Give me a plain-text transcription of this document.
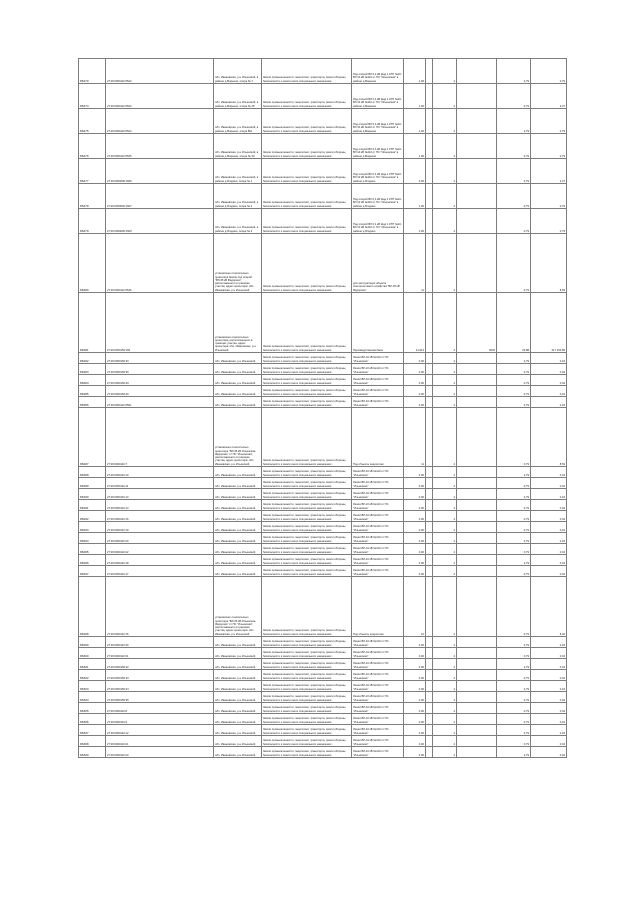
86270	27:06:0000110:6522	обл. Ивановская, р-н Ильинский, в районе д.Марьино, опора № 7	Земли промышленности, энергетики, транспорта, земли обороны, безопасности и земли иного специального назначения	Под опорой ВЛ 0,4 кВ фид.1 КТП №10-ВЛ 10 кВ №110 от ПС "Ильинская" в районе д.Марьино	1,00		4		0,79	0,79
86274	27:06:0000110:6523	обл. Ивановская, р-н Ильинский, в районе д.Марьино, опора № 25	Земли промышленности, энергетики, транспорта, земли обороны, безопасности и земли иного специального назначения	Под опорой ВЛ 0,4 кВ фид.1 КТП №10-ВЛ 10 кВ №110 от ПС "Ильинская" в районе д.Марьино	1,00		4		0,79	2,37
86275	27:06:0000110:6524	обл. Ивановская, р-н Ильинский, в районе д.Марьино, опора Вк1	Земли промышленности, энергетики, транспорта, земли обороны, безопасности и земли иного специального назначения	Под опорой ВЛ 0,4 кВ фид.1 КТП №10-ВЛ 10 кВ №110 от ПС "Ильинская" в районе д.Марьино	1,00		4		0,79	0,79
86276	27:06:0000110:6525	обл. Ивановская, р-н Ильинский, в районе д.Марьино, опора № 33	Земли промышленности, энергетики, транспорта, земли обороны, безопасности и земли иного специального назначения	Под опорой ВЛ 0,4 кВ фид.1 КТП №10-ВЛ 10 кВ №110 от ПС "Ильинская" в районе д.Марьино	1,00		4		0,79	0,79
86277	27:06:0000000:1505	обл. Ивановская, р-н Ильинский, в районе д.Ягодино, опора № 1	Земли промышленности, энергетики, транспорта, земли обороны, безопасности и земли иного специального назначения	Под опорой ВЛ 0,4 кВ фид.1 КТП №10-ВЛ 10 кВ №110 от ПС "Ильинская" в районе д.Ягодино	3,00		4		0,79	2,37
86278	27:06:0000000:1507	обл. Ивановская, р-н Ильинский, в районе д.Ягодино, опора № 2	Земли промышленности, энергетики, транспорта, земли обороны, безопасности и земли иного специального назначения	Под опорой ВЛ 0,4 кВ фид.1 КТП №10-ВЛ 10 кВ №110 от ПС "Ильинская" в районе д.Ягодино	1,00		4		0,79	0,79
86279	27:06:0000000:1509	обл. Ивановская, р-н Ильинский, в районе д.Ягодино, опора № 3	Земли промышленности, энергетики, транспорта, земли обороны, безопасности и земли иного специального назначения	Под опорой ВЛ 0,4 кВ фид.1 КТП №10-ВЛ 10 кВ №110 от ПС "Ильинская" в районе д.Ягодино	1,00		4		0,79	0,79
86280	27:06:0000110:6546	установлено относительно ориентира Земли под опорой "ВЛ-35 кВ Фёдорово", расположенного в границах участка, адрес ориентира: обл. Ивановская, р-н Ильинский	Земли промышленности, энергетики, транспорта, земли обороны, безопасности и земли иного специального назначения	для эксплуатации объекта электросетевого хозяйства "ВЛ-35 кВ Фёдорово"	11		4		0,79	8,69
86281	27:06:0000150:165	установлено относительно ориентира, расположенного в границах участка, адрес ориентира: обл. Ивановская, р-н Ильинский	Земли промышленности, энергетики, транспорта, земли обороны, безопасности и земли иного специального назначения	Производственная база	14 913		4	3633	20,88	417 154,89
86282	27:06:0000150:30	обл. Ивановская, р-н Ильинский	Земли промышленности, энергетики, транспорта, земли обороны, безопасности и земли иного специального назначения	Линия ВЛ-10 кВ №110 от ПС "Ильинская"	0,00		4		0,79	0,04
86283	27:06:0000150:36	обл. Ивановская, р-н Ильинский	Земли промышленности, энергетики, транспорта, земли обороны, безопасности и земли иного специального назначения	Линия ВЛ-10 кВ №110 от ПС "Ильинская"	0,00		4		0,79	0,04
86284	27:06:0000150:29	обл. Ивановская, р-н Ильинский	Земли промышленности, энергетики, транспорта, земли обороны, безопасности и земли иного специального назначения	Линия ВЛ-10 кВ №110 от ПС "Ильинская"	0,00		4		0,79	0,04
86285	27:06:0000150:40	обл. Ивановская, р-н Ильинский	Земли промышленности, энергетики, транспорта, земли обороны, безопасности и земли иного специального назначения	Линия ВЛ-10 кВ №110 от ПС "Ильинская"	0,00		4		0,79	0,04
86286	27:06:0000110:6561	обл. Ивановская, р-н Ильинский	Земли промышленности, энергетики, транспорта, земли обороны, безопасности и земли иного специального назначения	Линия ВЛ-10 кВ №110 от ПС "Ильинская"	0,00		4		0,79	0,04
86287	27:06:0000110:7	установлено относительно ориентира "ВЛ-35 кВ Ильинская-Фёдорово" от ПС "Ильинская", расположенного в границах участка, адрес ориентира: обл. Ивановская, р-н Ильинский	Земли промышленности, энергетики, транспорта, земли обороны, безопасности и земли иного специального назначения	Под объекты энергетики	11		4		0,79	8,69
86288	27:06:0000110:10	обл. Ивановская, р-н Ильинский	Земли промышленности, энергетики, транспорта, земли обороны, безопасности и земли иного специального назначения	Линия ВЛ-10 кВ №110 от ПС "Ильинская"	0,00		4		0,79	0,04
86289	27:06:0000110:11	обл. Ивановская, р-н Ильинский	Земли промышленности, энергетики, транспорта, земли обороны, безопасности и земли иного специального назначения	Линия ВЛ-10 кВ №110 от ПС "Ильинская"	0,00		4		0,79	0,04
86290	27:06:0000110:13	обл. Ивановская, р-н Ильинский	Земли промышленности, энергетики, транспорта, земли обороны, безопасности и земли иного специального назначения	Линия ВЛ-10 кВ №110 от ПС "Ильинская"	0,00		4		0,79	0,04
86291	27:06:0000110:14	обл. Ивановская, р-н Ильинский	Земли промышленности, энергетики, транспорта, земли обороны, безопасности и земли иного специального назначения	Линия ВЛ-10 кВ №110 от ПС "Ильинская"	0,00		4		0,79	0,04
86292	27:06:0000110:16	обл. Ивановская, р-н Ильинский	Земли промышленности, энергетики, транспорта, земли обороны, безопасности и земли иного специального назначения	Линия ВЛ-10 кВ №110 от ПС "Ильинская"	0,00		4		0,79	0,04
86293	27:06:0000110:19	обл. Ивановская, р-н Ильинский	Земли промышленности, энергетики, транспорта, земли обороны, безопасности и земли иного специального назначения	Линия ВЛ-10 кВ №110 от ПС "Ильинская"	0,00		4		0,79	0,04
86294	27:06:0000110:20	обл. Ивановская, р-н Ильинский	Земли промышленности, энергетики, транспорта, земли обороны, безопасности и земли иного специального назначения	Линия ВЛ-10 кВ №110 от ПС "Ильинская"	0,00		4		0,79	0,04
86295	27:06:0000110:22	обл. Ивановская, р-н Ильинский	Земли промышленности, энергетики, транспорта, земли обороны, безопасности и земли иного специального назначения	Линия ВЛ-10 кВ №110 от ПС "Ильинская"	0,00		4		0,79	0,04
86296	27:06:0000110:18	обл. Ивановская, р-н Ильинский	Земли промышленности, энергетики, транспорта, земли обороны, безопасности и земли иного специального назначения	Линия ВЛ-10 кВ №110 от ПС "Ильинская"	0,00		4		0,79	0,04
86297	27:06:0000110:17	обл. Ивановская, р-н Ильинский	Земли промышленности, энергетики, транспорта, земли обороны, безопасности и земли иного специального назначения	Линия ВЛ-10 кВ №110 от ПС "Ильинская"	0,00		4		0,79	0,04
86298	27:06:0000110:15	установлено относительно ориентира "ВЛ-35 кВ Ильинская-Фёдорово" от ПС "Ильинская", расположенного в границах участка, адрес ориентира: обл. Ивановская, р-н Ильинский	Земли промышленности, энергетики, транспорта, земли обороны, безопасности и земли иного специального назначения	Под объекты энергетики	10		4		0,79	8,02
86299	27:06:0000110:30	обл. Ивановская, р-н Ильинский	Земли промышленности, энергетики, транспорта, земли обороны, безопасности и земли иного специального назначения	Линия ВЛ-10 кВ №110 от ПС "Ильинская"	0,00		4		0,79	0,04
86300	27:06:0000110:31	обл. Ивановская, р-н Ильинский	Земли промышленности, энергетики, транспорта, земли обороны, безопасности и земли иного специального назначения	Линия ВЛ-10 кВ №110 от ПС "Ильинская"	0,00		4		0,79	0,04
86301	27:06:0000150:32	обл. Ивановская, р-н Ильинский	Земли промышленности, энергетики, транспорта, земли обороны, безопасности и земли иного специального назначения	Линия ВЛ-10 кВ №110 от ПС "Ильинская"	0,00		4		0,79	0,04
86302	27:06:0000150:33	обл. Ивановская, р-н Ильинский	Земли промышленности, энергетики, транспорта, земли обороны, безопасности и земли иного специального назначения	Линия ВЛ-10 кВ №110 от ПС "Ильинская"	0,00		4		0,79	0,04
86303	27:06:0000150:34	обл. Ивановская, р-н Ильинский	Земли промышленности, энергетики, транспорта, земли обороны, безопасности и земли иного специального назначения	Линия ВЛ-10 кВ №110 от ПС "Ильинская"	0,00		4		0,79	0,04
86304	27:06:0000150:35	обл. Ивановская, р-н Ильинский	Земли промышленности, энергетики, транспорта, земли обороны, безопасности и земли иного специального назначения	Линия ВЛ-10 кВ №110 от ПС "Ильинская"	0,00		4		0,79	0,04
86305	27:06:0000110:8	обл. Ивановская, р-н Ильинский	Земли промышленности, энергетики, транспорта, земли обороны, безопасности и земли иного специального назначения	Линия ВЛ-10 кВ №110 от ПС "Ильинская"	0,00		4		0,79	0,04
86306	27:06:0000110:9	обл. Ивановская, р-н Ильинский	Земли промышленности, энергетики, транспорта, земли обороны, безопасности и земли иного специального назначения	Линия ВЛ-10 кВ №110 от ПС "Ильинская"	0,00		4		0,79	0,04
86307	27:06:0000110:12	обл. Ивановская, р-н Ильинский	Земли промышленности, энергетики, транспорта, земли обороны, безопасности и земли иного специального назначения	Линия ВЛ-10 кВ №110 от ПС "Ильинская"	0,00		4		0,79	0,04
86308	27:06:0000110:21	обл. Ивановская, р-н Ильинский	Земли промышленности, энергетики, транспорта, земли обороны, безопасности и земли иного специального назначения	Линия ВЛ-10 кВ №110 от ПС "Ильинская"	0,00		4		0,79	0,04
86309	27:06:0000110:23	обл. Ивановская, р-н Ильинский	Земли промышленности, энергетики, транспорта, земли обороны, безопасности и земли иного специального назначения	Линия ВЛ-10 кВ №110 от ПС "Ильинская"	0,00		4		0,79	0,04
